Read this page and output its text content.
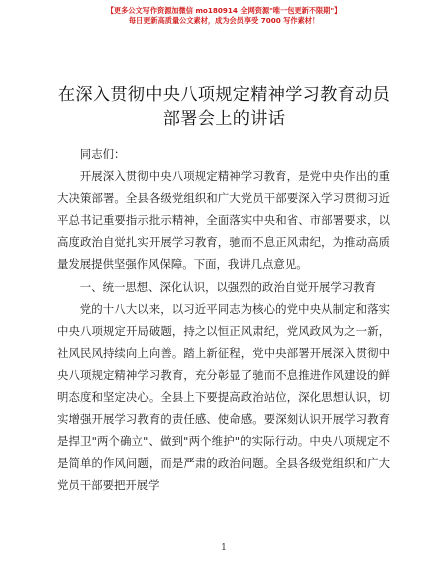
【更多公文写作资源加微信 mo180914 全网资源"唯一包更新不限期"】
每日更新高质量公文素材，成为会员享受 7000 写作素材！
在深入贯彻中央八项规定精神学习教育动员部署会上的讲话

同志们：

开展深入贯彻中央八项规定精神学习教育，是党中央作出的重大决策部署。全县各级党组织和广大党员干部要深入学习贯彻习近平总书记重要指示批示精神，全面落实中央和省、市部署要求，以高度政治自觉扎实开展学习教育，驰而不息正风肃纪，为推动高质量发展提供坚强作风保障。下面，我讲几点意见。

一、统一思想、深化认识，以强烈的政治自觉开展学习教育

党的十八大以来，以习近平同志为核心的党中央从制定和落实中央八项规定开局破题，持之以恒正风肃纪，党风政风为之一新，社风民风持续向上向善。踏上新征程，党中央部署开展深入贯彻中央八项规定精神学习教育，充分彰显了驰而不息推进作风建设的鲜明态度和坚定决心。全县上下要提高政治站位，深化思想认识，切实增强开展学习教育的责任感、使命感。要深刻认识开展学习教育是捍卫"两个确立"、做到"两个维护"的实际行动。中央八项规定不是简单的作风问题，而是严肃的政治问题。全县各级党组织和广大党员干部要把开展学

1
